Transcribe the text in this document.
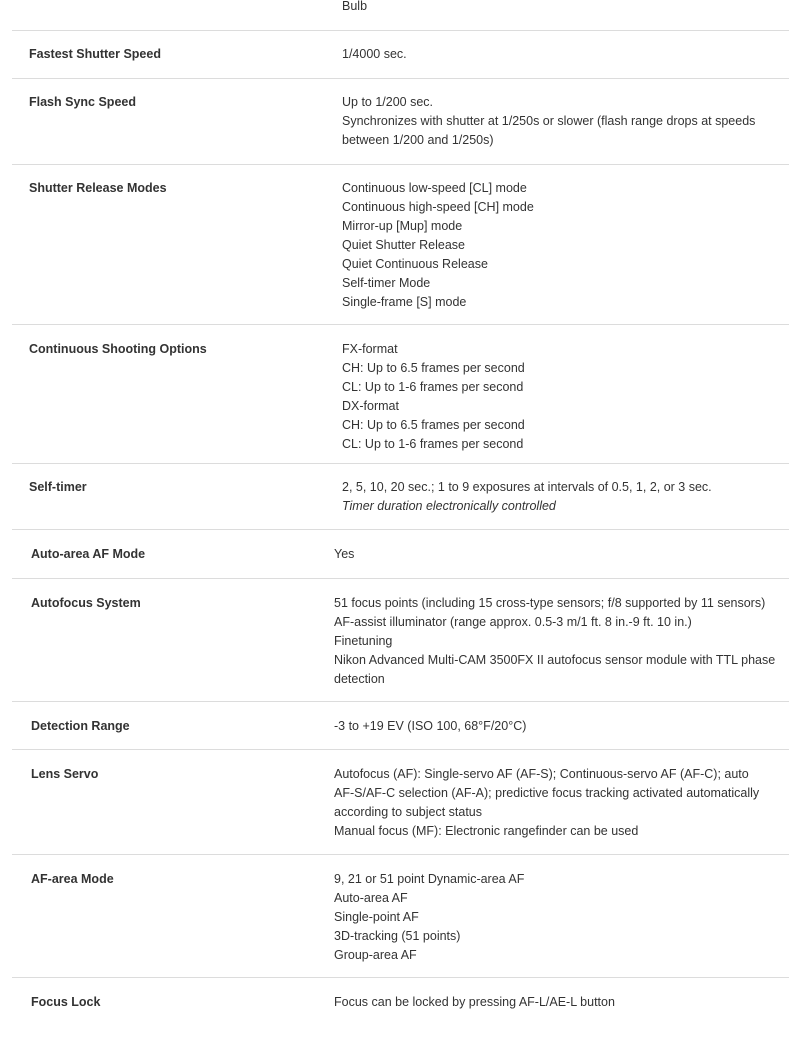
Bulb
Fastest Shutter Speed	1/4000 sec.
Flash Sync Speed	Up to 1/200 sec.
Synchronizes with shutter at 1/250s or slower (flash range drops at speeds between 1/200 and 1/250s)
Shutter Release Modes	Continuous low-speed [CL] mode
Continuous high-speed [CH] mode
Mirror-up [Mup] mode
Quiet Shutter Release
Quiet Continuous Release
Self-timer Mode
Single-frame [S] mode
Continuous Shooting Options	FX-format
CH: Up to 6.5 frames per second
CL: Up to 1-6 frames per second
DX-format
CH: Up to 6.5 frames per second
CL: Up to 1-6 frames per second
Self-timer	2, 5, 10, 20 sec.; 1 to 9 exposures at intervals of 0.5, 1, 2, or 3 sec.
Timer duration electronically controlled
Auto-area AF Mode	Yes
Autofocus System	51 focus points (including 15 cross-type sensors; f/8 supported by 11 sensors)
AF-assist illuminator (range approx. 0.5-3 m/1 ft. 8 in.-9 ft. 10 in.)
Finetuning
Nikon Advanced Multi-CAM 3500FX II autofocus sensor module with TTL phase detection
Detection Range	-3 to +19 EV (ISO 100, 68°F/20°C)
Lens Servo	Autofocus (AF): Single-servo AF (AF-S); Continuous-servo AF (AF-C); auto AF-S/AF-C selection (AF-A); predictive focus tracking activated automatically according to subject status
Manual focus (MF): Electronic rangefinder can be used
AF-area Mode	9, 21 or 51 point Dynamic-area AF
Auto-area AF
Single-point AF
3D-tracking (51 points)
Group-area AF
Focus Lock	Focus can be locked by pressing AF-L/AE-L button
